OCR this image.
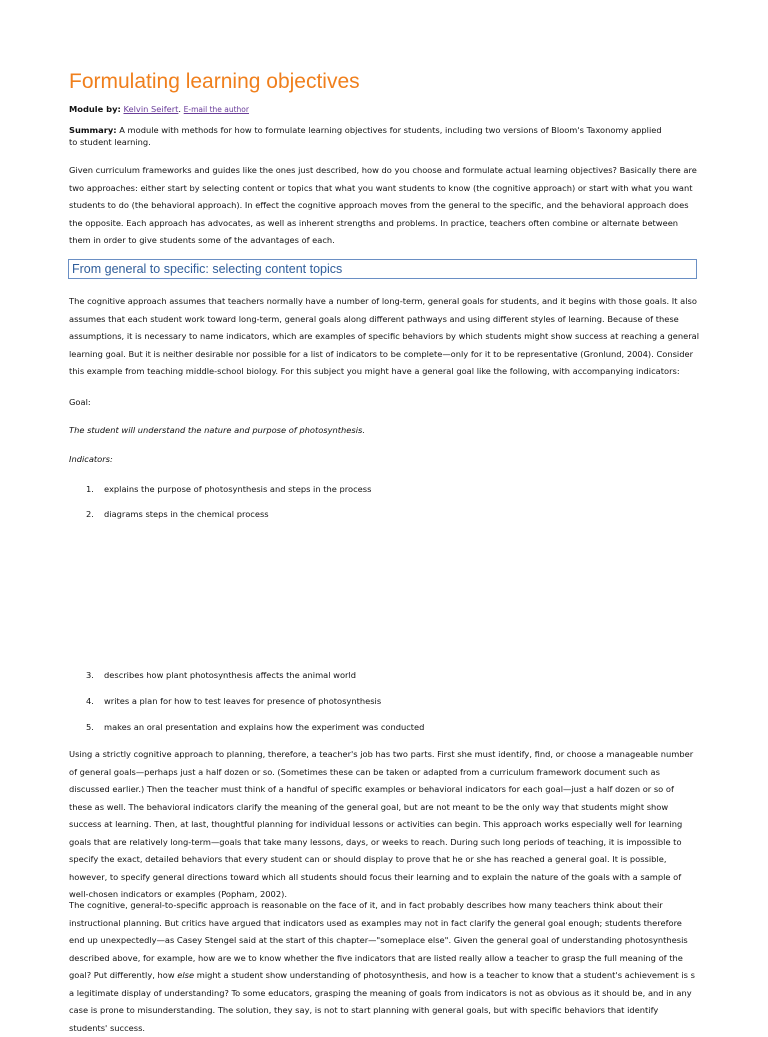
Formulating learning objectives
Module by: Kelvin Seifert. E-mail the author
Summary: A module with methods for how to formulate learning objectives for students, including two versions of Bloom's Taxonomy applied to student learning.

Given curriculum frameworks and guides like the ones just described, how do you choose and formulate actual learning objectives? Basically there are two approaches: either start by selecting content or topics that what you want students to know (the cognitive approach) or start with what you want students to do (the behavioral approach). In effect the cognitive approach moves from the general to the specific, and the behavioral approach does the opposite. Each approach has advocates, as well as inherent strengths and problems. In practice, teachers often combine or alternate between them in order to give students some of the advantages of each.

From general to specific: selecting content topics

The cognitive approach assumes that teachers normally have a number of long-term, general goals for students, and it begins with those goals. It also assumes that each student work toward long-term, general goals along different pathways and using different styles of learning. Because of these assumptions, it is necessary to name indicators, which are examples of specific behaviors by which students might show success at reaching a general learning goal. But it is neither desirable nor possible for a list of indicators to be complete—only for it to be representative (Gronlund, 2004). Consider this example from teaching middle-school biology. For this subject you might have a general goal like the following, with accompanying indicators:

Goal:
The student will understand the nature and purpose of photosynthesis.
Indicators:
1. explains the purpose of photosynthesis and steps in the process
2. diagrams steps in the chemical process
3. describes how plant photosynthesis affects the animal world
4. writes a plan for how to test leaves for presence of photosynthesis
5. makes an oral presentation and explains how the experiment was conducted

Using a strictly cognitive approach to planning, therefore, a teacher's job has two parts. First she must identify, find, or choose a manageable number of general goals—perhaps just a half dozen or so. (Sometimes these can be taken or adapted from a curriculum framework document such as discussed earlier.) Then the teacher must think of a handful of specific examples or behavioral indicators for each goal—just a half dozen or so of these as well. The behavioral indicators clarify the meaning of the general goal, but are not meant to be the only way that students might show success at learning. Then, at last, thoughtful planning for individual lessons or activities can begin. This approach works especially well for learning goals that are relatively long-term—goals that take many lessons, days, or weeks to reach. During such long periods of teaching, it is impossible to specify the exact, detailed behaviors that every student can or should display to prove that he or she has reached a general goal. It is possible, however, to specify general directions toward which all students should focus their learning and to explain the nature of the goals with a sample of well-chosen indicators or examples (Popham, 2002).

The cognitive, general-to-specific approach is reasonable on the face of it, and in fact probably describes how many teachers think about their instructional planning. But critics have argued that indicators used as examples may not in fact clarify the general goal enough; students therefore end up unexpectedly—as Casey Stengel said at the start of this chapter—"someplace else". Given the general goal of understanding photosynthesis described above, for example, how are we to know whether the five indicators that are listed really allow a teacher to grasp the full meaning of the goal? Put differently, how else might a student show understanding of photosynthesis, and how is a teacher to know that a student's achievement is s a legitimate display of understanding? To some educators, grasping the meaning of goals from indicators is not as obvious as it should be, and in any case is prone to misunderstanding. The solution, they say, is not to start planning with general goals, but with specific behaviors that identify students' success.
